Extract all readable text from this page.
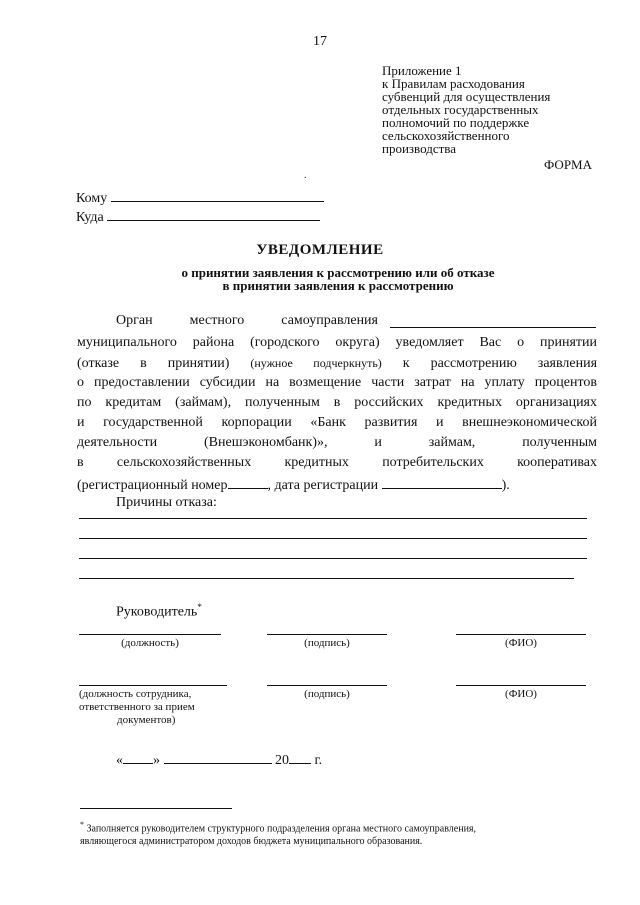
17
Приложение 1
к Правилам расходования
субвенций для осуществления
отдельных государственных
полномочий по поддержке
сельскохозяйственного
производства
ФОРМА
.
Кому
Куда
УВЕДОМЛЕНИЕ
о принятии заявления к рассмотрению или об отказе
в принятии заявления к рассмотрению
Орган местного самоуправления
муниципального района (городского округа) уведомляет Вас о принятии
(отказе в принятии) (нужное подчеркнуть) к рассмотрению заявления
о предоставлении субсидии на возмещение части затрат на уплату процентов
по кредитам (займам), полученным в российских кредитных организациях
и государственной корпорации «Банк развития и внешнеэкономической
деятельности (Внешэкономбанк)», и займам, полученным
в сельскохозяйственных кредитных потребительских кооперативах
(регистрационный номер	, дата регистрации	).
Причины отказа:
Руководитель*
(должность)	(подпись)	(ФИО)
(должность сотрудника,
ответственного за прием
документов)
(подпись)	(ФИО)
« »	20 г.
* Заполняется руководителем структурного подразделения органа местного самоуправления,
являющегося администратором доходов бюджета муниципального образования.
